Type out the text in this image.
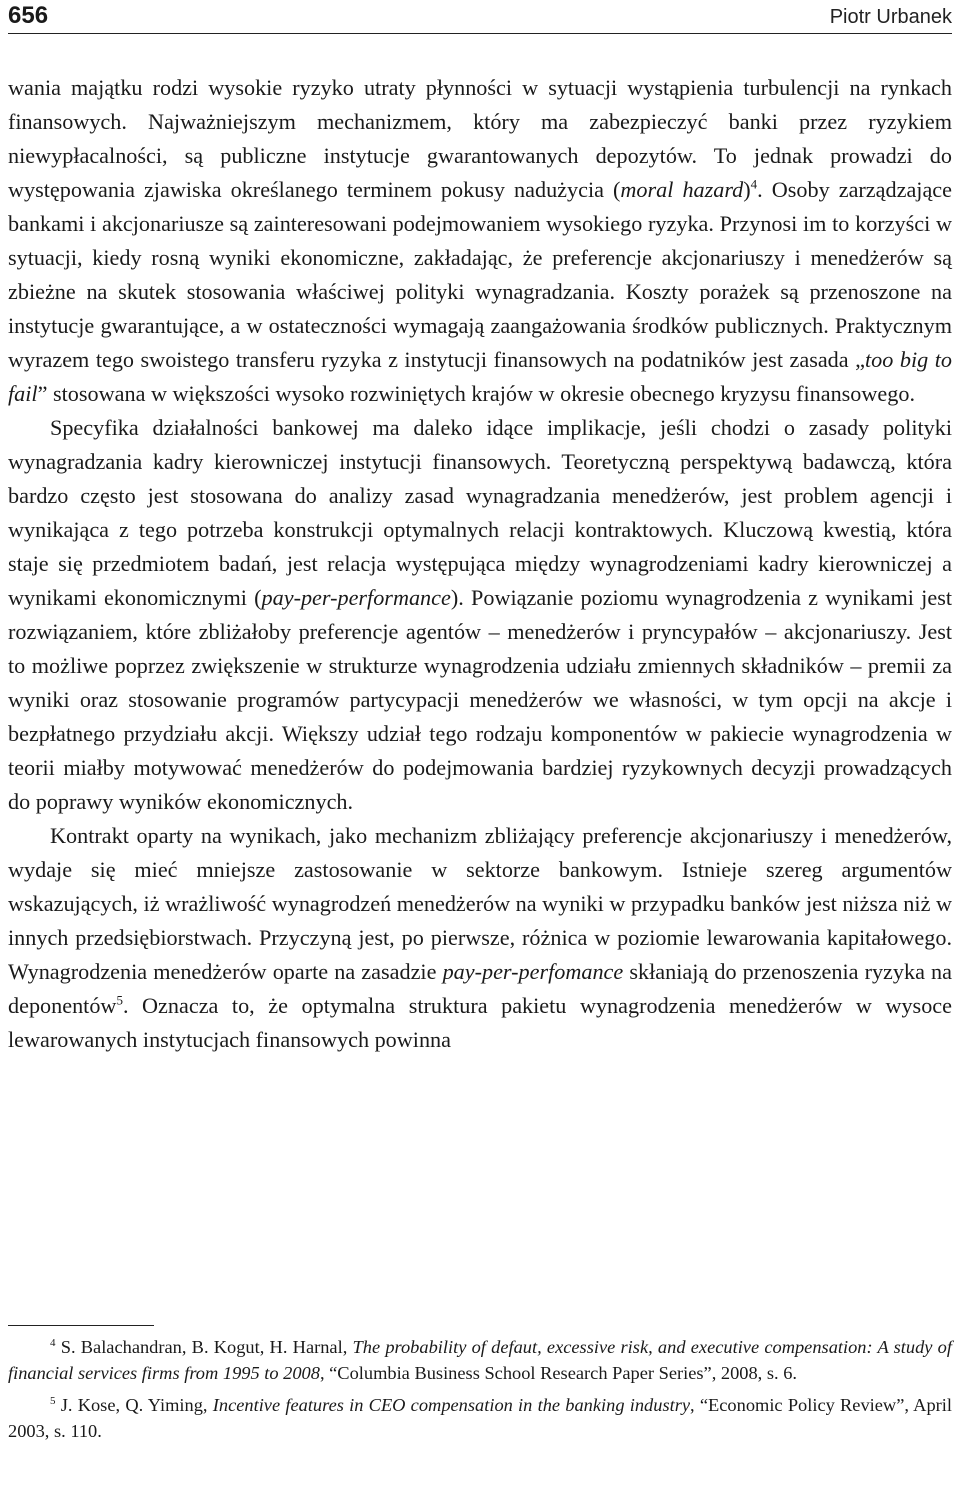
656	Piotr Urbanek

wania majątku rodzi wysokie ryzyko utraty płynności w sytuacji wystąpienia turbulencji na rynkach finansowych. Najważniejszym mechanizmem, który ma zabezpieczyć banki przez ryzykiem niewypłacalności, są publiczne instytucje gwarantowanych depozytów. To jednak prowadzi do występowania zjawiska określanego terminem pokusy nadużycia (moral hazard)$^4$. Osoby zarządzające bankami i akcjonariusze są zainteresowani podejmowaniem wysokiego ryzyka. Przynosi im to korzyści w sytuacji, kiedy rosną wyniki ekonomiczne, zakładając, że preferencje akcjonariuszy i menedżerów są zbieżne na skutek stosowania właściwej polityki wynagradzania. Koszty porażek są przenoszone na instytucje gwarantujące, a w ostateczności wymagają zaangażowania środków publicznych. Praktycznym wyrazem tego swoistego transferu ryzyka z instytucji finansowych na podatników jest zasada „too big to fail” stosowana w większości wysoko rozwiniętych krajów w okresie obecnego kryzysu finansowego.

Specyfika działalności bankowej ma daleko idące implikacje, jeśli chodzi o zasady polityki wynagradzania kadry kierowniczej instytucji finansowych. Teoretyczną perspektywą badawczą, która bardzo często jest stosowana do analizy zasad wynagradzania menedżerów, jest problem agencji i wynikająca z tego potrzeba konstrukcji optymalnych relacji kontraktowych. Kluczową kwestią, która staje się przedmiotem badań, jest relacja występująca między wynagrodzeniami kadry kierowniczej a wynikami ekonomicznymi (pay-per-performance). Powiązanie poziomu wynagrodzenia z wynikami jest rozwiązaniem, które zbliżałoby preferencje agentów – menedżerów i pryncypałów – akcjonariuszy. Jest to możliwe poprzez zwiększenie w strukturze wynagrodzenia udziału zmiennych składników – premii za wyniki oraz stosowanie programów partycypacji menedżerów we własności, w tym opcji na akcje i bezpłatnego przydziału akcji. Większy udział tego rodzaju komponentów w pakiecie wynagrodzenia w teorii miałby motywować menedżerów do podejmowania bardziej ryzykownych decyzji prowadzących do poprawy wyników ekonomicznych.

Kontrakt oparty na wynikach, jako mechanizm zbliżający preferencje akcjonariuszy i menedżerów, wydaje się mieć mniejsze zastosowanie w sektorze bankowym. Istnieje szereg argumentów wskazujących, iż wrażliwość wynagrodzeń menedżerów na wyniki w przypadku banków jest niższa niż w innych przedsiębiorstwach. Przyczyną jest, po pierwsze, różnica w poziomie lewarowania kapitałowego. Wynagrodzenia menedżerów oparte na zasadzie pay-per-perfomance skłaniają do przenoszenia ryzyka na deponentów$^5$. Oznacza to, że optymalna struktura pakietu wynagrodzenia menedżerów w wysoce lewarowanych instytucjach finansowych powinna

$^4$ S. Balachandran, B. Kogut, H. Harnal, The probability of defaut, excessive risk, and executive compensation: A study of financial services firms from 1995 to 2008, “Columbia Business School Research Paper Series”, 2008, s. 6.

$^5$ J. Kose, Q. Yiming, Incentive features in CEO compensation in the banking industry, “Economic Policy Review”, April 2003, s. 110.
